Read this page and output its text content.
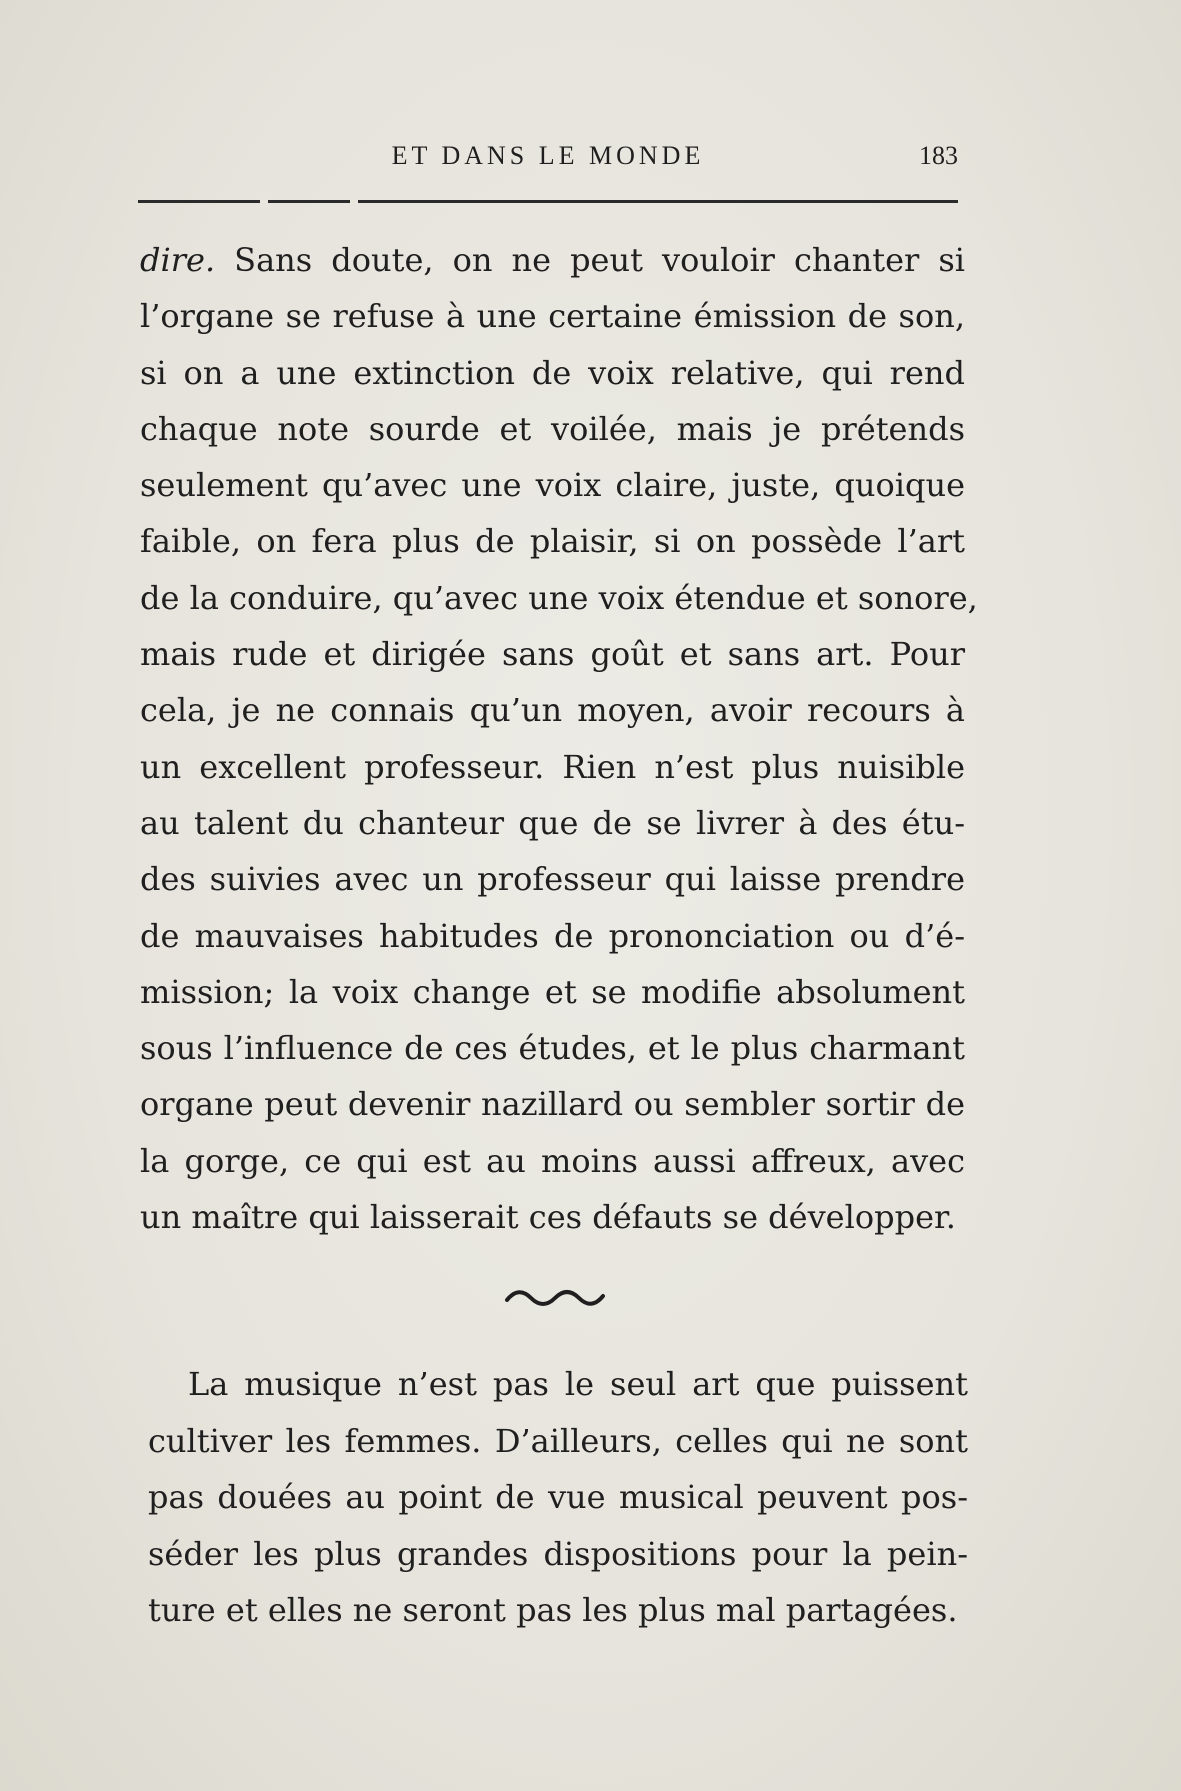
ET DANS LE MONDE	183
dire. Sans doute, on ne peut vouloir chanter si
l’organe se refuse à une certaine émission de son,
si on a une extinction de voix relative, qui rend
chaque note sourde et voilée, mais je prétends
seulement qu’avec une voix claire, juste, quoique
faible, on fera plus de plaisir, si on possède l’art
de la conduire, qu’avec une voix étendue et sonore,
mais rude et dirigée sans goût et sans art. Pour
cela, je ne connais qu’un moyen, avoir recours à
un excellent professeur. Rien n’est plus nuisible
au talent du chanteur que de se livrer à des étu-
des suivies avec un professeur qui laisse prendre
de mauvaises habitudes de prononciation ou d’é-
mission; la voix change et se modifie absolument
sous l’influence de ces études, et le plus charmant
organe peut devenir nazillard ou sembler sortir de
la gorge, ce qui est au moins aussi affreux, avec
un maître qui laisserait ces défauts se développer.
La musique n’est pas le seul art que puissent
cultiver les femmes. D’ailleurs, celles qui ne sont
pas douées au point de vue musical peuvent pos-
séder les plus grandes dispositions pour la pein-
ture et elles ne seront pas les plus mal partagées.
